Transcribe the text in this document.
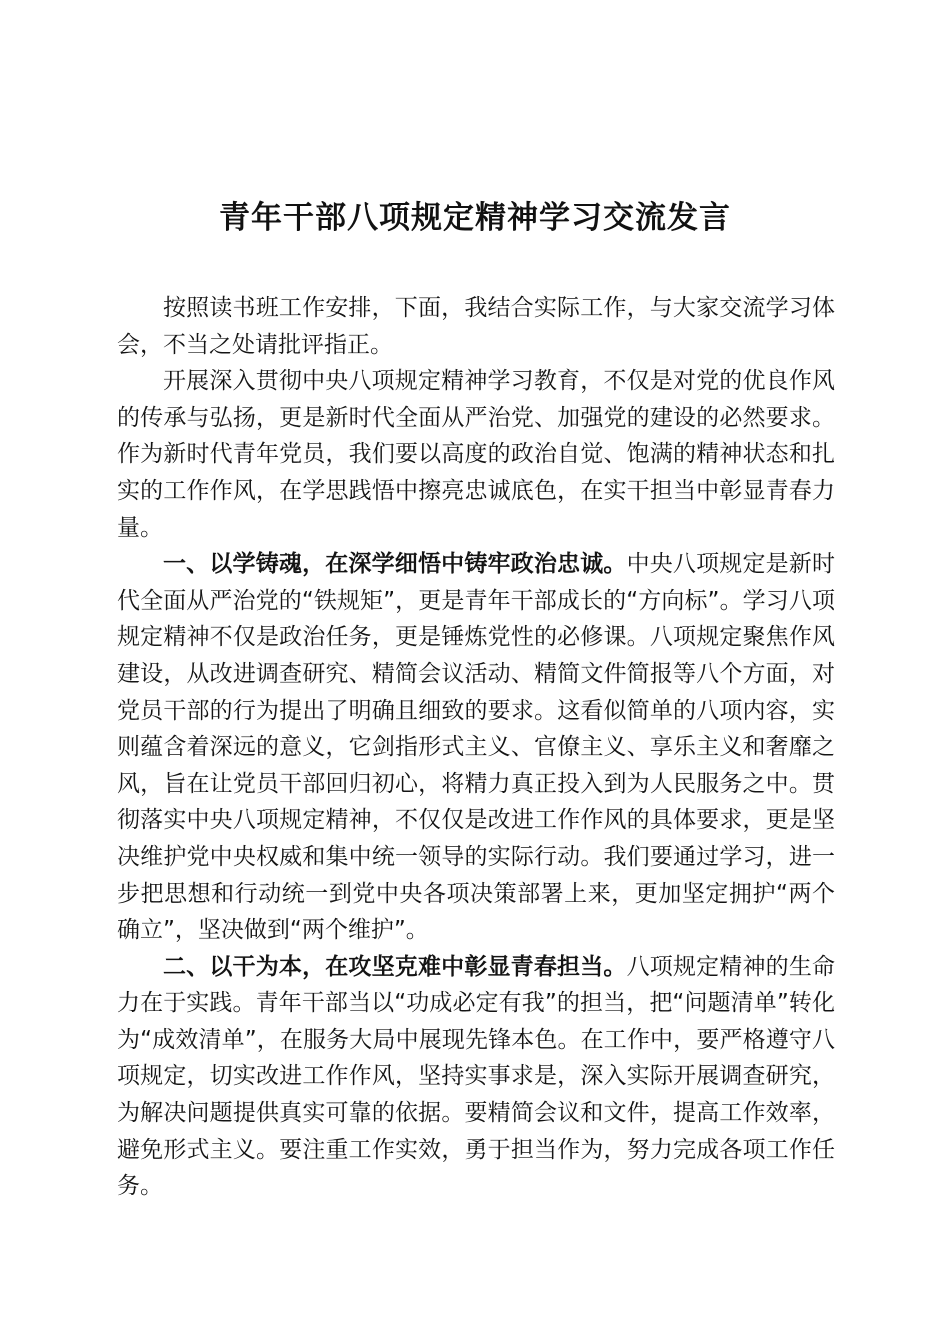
青年干部八项规定精神学习交流发言

按照读书班工作安排，下面，我结合实际工作，与大家交流学习体会，不当之处请批评指正。

开展深入贯彻中央八项规定精神学习教育，不仅是对党的优良作风的传承与弘扬，更是新时代全面从严治党、加强党的建设的必然要求。作为新时代青年党员，我们要以高度的政治自觉、饱满的精神状态和扎实的工作作风，在学思践悟中擦亮忠诚底色，在实干担当中彰显青春力量。

一、以学铸魂，在深学细悟中铸牢政治忠诚。中央八项规定是新时代全面从严治党的“铁规矩”，更是青年干部成长的“方向标”。学习八项规定精神不仅是政治任务，更是锤炼党性的必修课。八项规定聚焦作风建设，从改进调查研究、精简会议活动、精简文件简报等八个方面，对党员干部的行为提出了明确且细致的要求。这看似简单的八项内容，实则蕴含着深远的意义，它剑指形式主义、官僚主义、享乐主义和奢靡之风，旨在让党员干部回归初心，将精力真正投入到为人民服务之中。贯彻落实中央八项规定精神，不仅仅是改进工作作风的具体要求，更是坚决维护党中央权威和集中统一领导的实际行动。我们要通过学习，进一步把思想和行动统一到党中央各项决策部署上来，更加坚定拥护“两个确立”，坚决做到“两个维护”。

二、以干为本，在攻坚克难中彰显青春担当。八项规定精神的生命力在于实践。青年干部当以“功成必定有我”的担当，把“问题清单”转化为“成效清单”，在服务大局中展现先锋本色。在工作中，要严格遵守八项规定，切实改进工作作风，坚持实事求是，深入实际开展调查研究，为解决问题提供真实可靠的依据。要精简会议和文件，提高工作效率，避免形式主义。要注重工作实效，勇于担当作为，努力完成各项工作任务。
